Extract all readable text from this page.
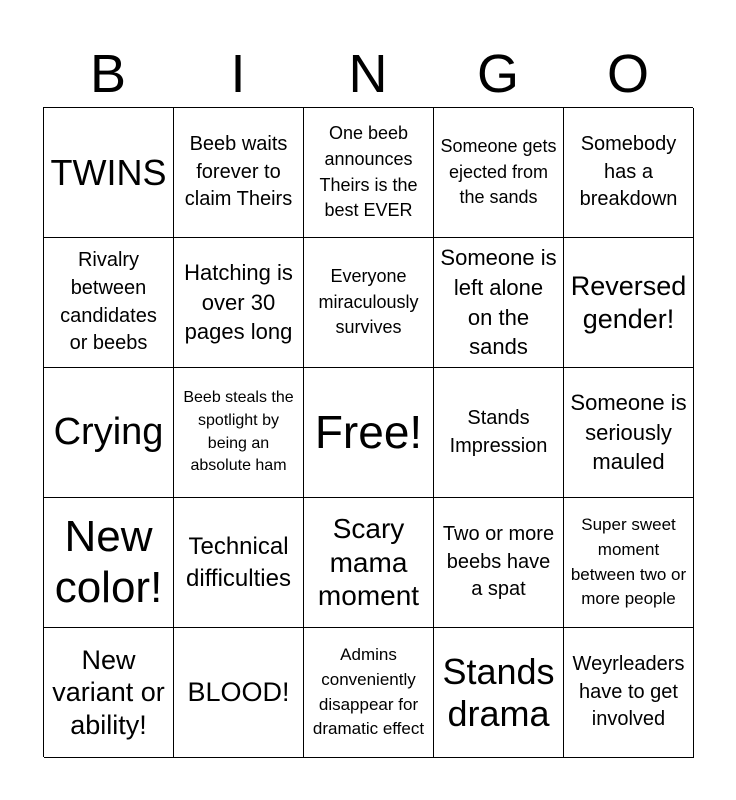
B	I	N	G	O
TWINS
Beeb waits forever to claim Theirs
One beeb announces Theirs is the best EVER
Someone gets ejected from the sands
Somebody has a breakdown
Rivalry between candidates or beebs
Hatching is over 30 pages long
Everyone miraculously survives
Someone is left alone on the sands
Reversed gender!
Crying
Beeb steals the spotlight by being an absolute ham
Free!	Stands Impression
Someone is seriously mauled
New color!
Technical difficulties
Scary mama moment
Two or more beebs have a spat
Super sweet moment between two or more people
New variant or ability!
BLOOD!
Admins conveniently disappear for dramatic effect
Stands drama
Weyrleaders have to get involved
